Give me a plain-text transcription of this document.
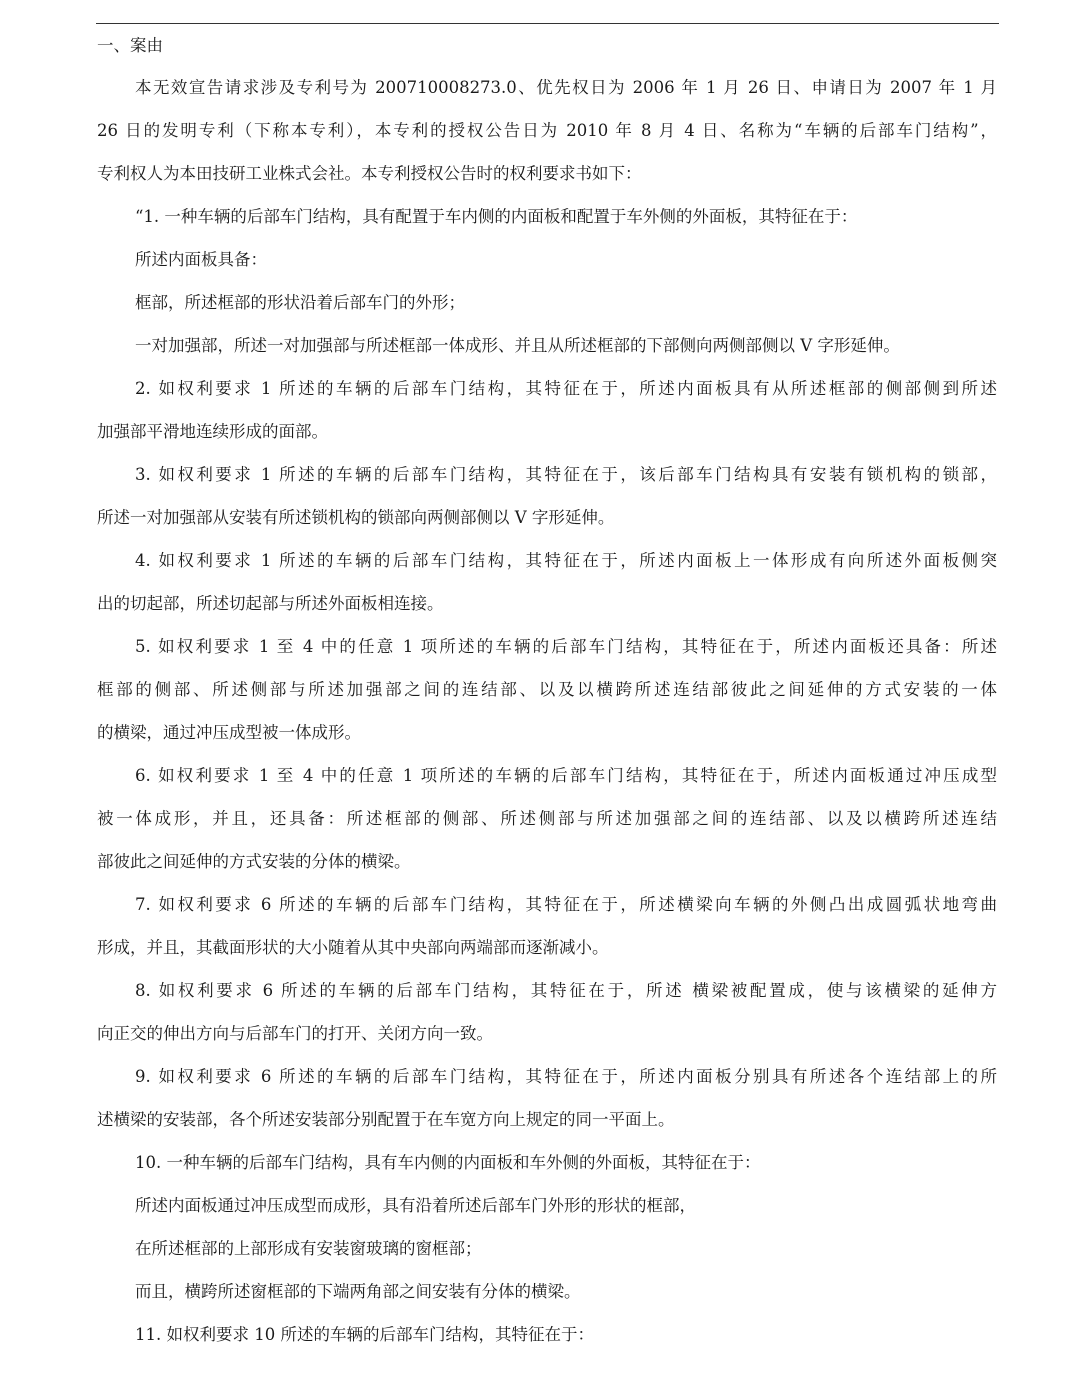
一、案由
本无效宣告请求涉及专利号为 200710008273.0、优先权日为 2006 年 1 月 26 日、申请日为 2007 年 1 月
26 日的发明专利（下称本专利），本专利的授权公告日为 2010 年 8 月 4 日、名称为“车辆的后部车门结构”，
专利权人为本田技研工业株式会社。本专利授权公告时的权利要求书如下：
“1. 一种车辆的后部车门结构，具有配置于车内侧的内面板和配置于车外侧的外面板，其特征在于：
所述内面板具备：
框部，所述框部的形状沿着后部车门的外形；
一对加强部，所述一对加强部与所述框部一体成形、并且从所述框部的下部侧向两侧部侧以 V 字形延伸。
2. 如权利要求 1 所述的车辆的后部车门结构，其特征在于，所述内面板具有从所述框部的侧部侧到所述
加强部平滑地连续形成的面部。
3. 如权利要求 1 所述的车辆的后部车门结构，其特征在于，该后部车门结构具有安装有锁机构的锁部，
所述一对加强部从安装有所述锁机构的锁部向两侧部侧以 V 字形延伸。
4. 如权利要求 1 所述的车辆的后部车门结构，其特征在于，所述内面板上一体形成有向所述外面板侧突
出的切起部，所述切起部与所述外面板相连接。
5. 如权利要求 1 至 4 中的任意 1 项所述的车辆的后部车门结构，其特征在于，所述内面板还具备：所述
框部的侧部、所述侧部与所述加强部之间的连结部、以及以横跨所述连结部彼此之间延伸的方式安装的一体
的横梁，通过冲压成型被一体成形。
6. 如权利要求 1 至 4 中的任意 1 项所述的车辆的后部车门结构，其特征在于，所述内面板通过冲压成型
被一体成形，并且，还具备：所述框部的侧部、所述侧部与所述加强部之间的连结部、以及以横跨所述连结
部彼此之间延伸的方式安装的分体的横梁。
7. 如权利要求 6 所述的车辆的后部车门结构，其特征在于，所述横梁向车辆的外侧凸出成圆弧状地弯曲
形成，并且，其截面形状的大小随着从其中央部向两端部而逐渐减小。
8. 如权利要求 6 所述的车辆的后部车门结构，其特征在于，所述 横梁被配置成，使与该横梁的延伸方
向正交的伸出方向与后部车门的打开、关闭方向一致。
9. 如权利要求 6 所述的车辆的后部车门结构，其特征在于，所述内面板分别具有所述各个连结部上的所
述横梁的安装部，各个所述安装部分别配置于在车宽方向上规定的同一平面上。
10. 一种车辆的后部车门结构，具有车内侧的内面板和车外侧的外面板，其特征在于：
所述内面板通过冲压成型而成形，具有沿着所述后部车门外形的形状的框部，
在所述框部的上部形成有安装窗玻璃的窗框部；
而且，横跨所述窗框部的下端两角部之间安装有分体的横梁。
11. 如权利要求 10 所述的车辆的后部车门结构，其特征在于：
